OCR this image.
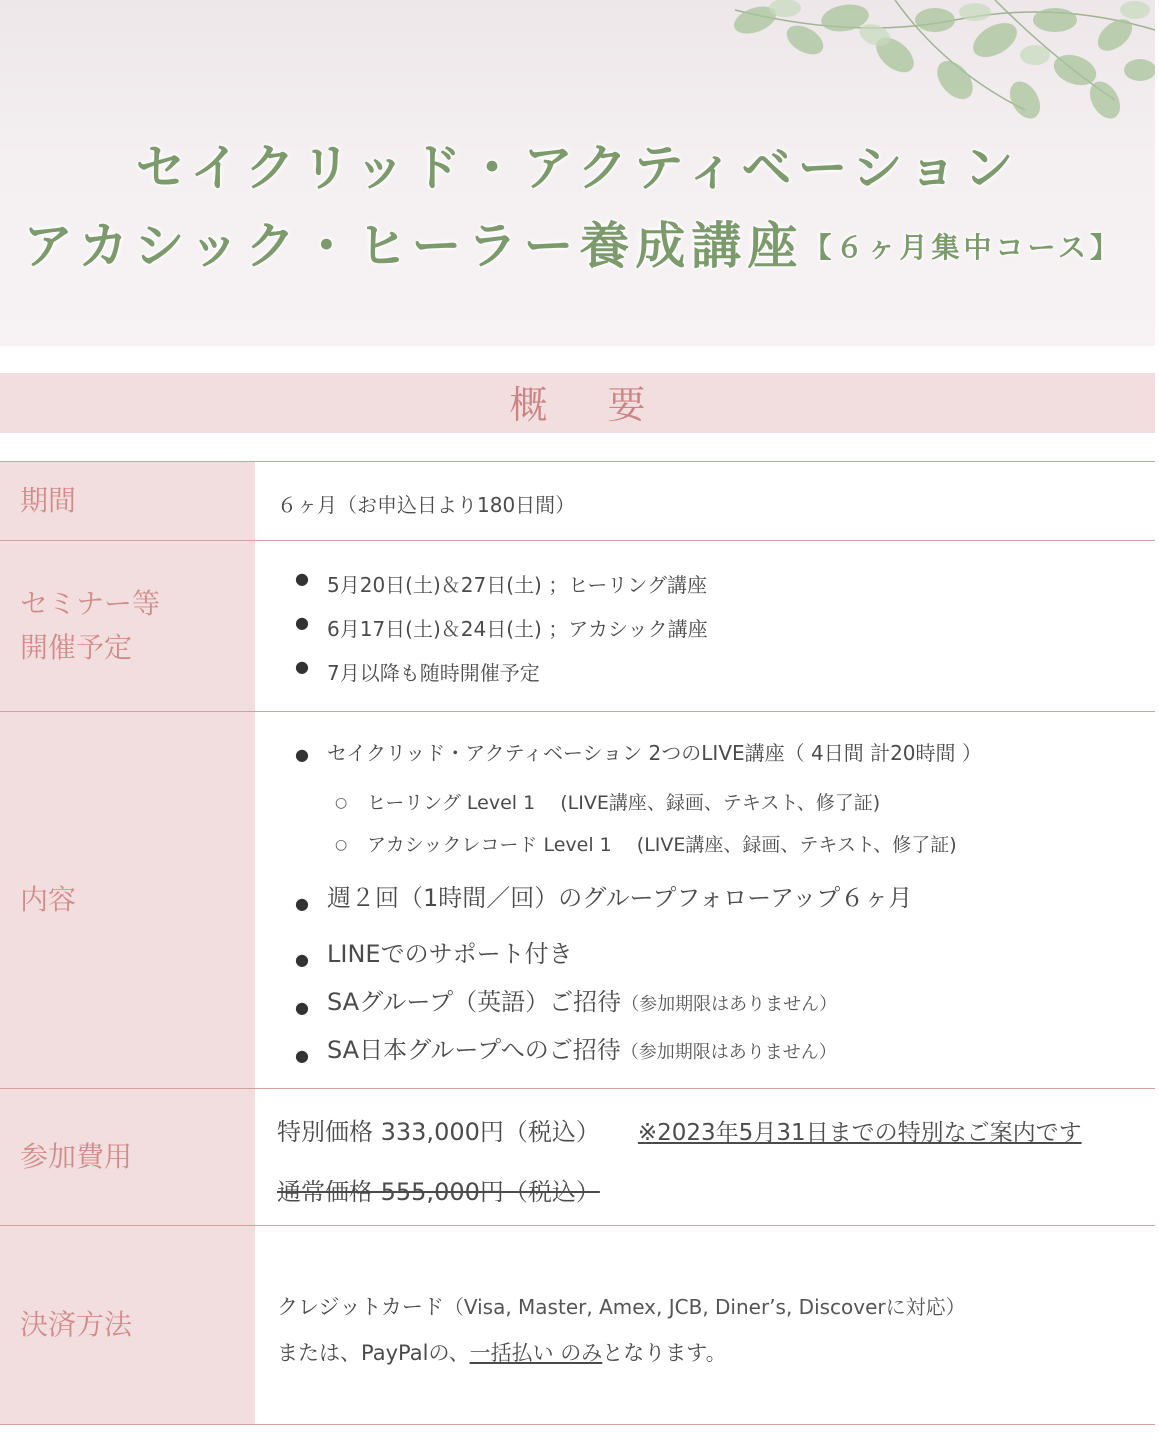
セイクリッド・アクティベーション
アカシック・ヒーラー養成講座【６ヶ月集中コース】
概要
期間	６ヶ月（お申込日より180日間）
セミナー等
開催予定
● 5月20日(土)＆27日(土) ；ヒーリング講座
● 6月17日(土)＆24日(土) ；アカシック講座
● 7月以降も随時開催予定
内容
● セイクリッド・アクティベーション 2つのLIVE講座（ 4日間 計20時間 ）
○ ヒーリング Level 1 　(LIVE講座、録画、テキスト、修了証)
○ アカシックレコード Level 1 　(LIVE講座、録画、テキスト、修了証)
● 週２回（1時間／回）のグループフォローアップ６ヶ月
● LINEでのサポート付き
● SAグループ（英語）ご招待（参加期限はありません）
● SA日本グループへのご招待（参加期限はありません）
参加費用
特別価格 333,000円（税込） ※2023年5月31日までの特別なご案内です
通常価格 555,000円（税込）
決済方法
クレジットカード（Visa, Master, Amex, JCB, Diner’s, Discoverに対応）
または、PayPalの、一括払い のみとなります。
